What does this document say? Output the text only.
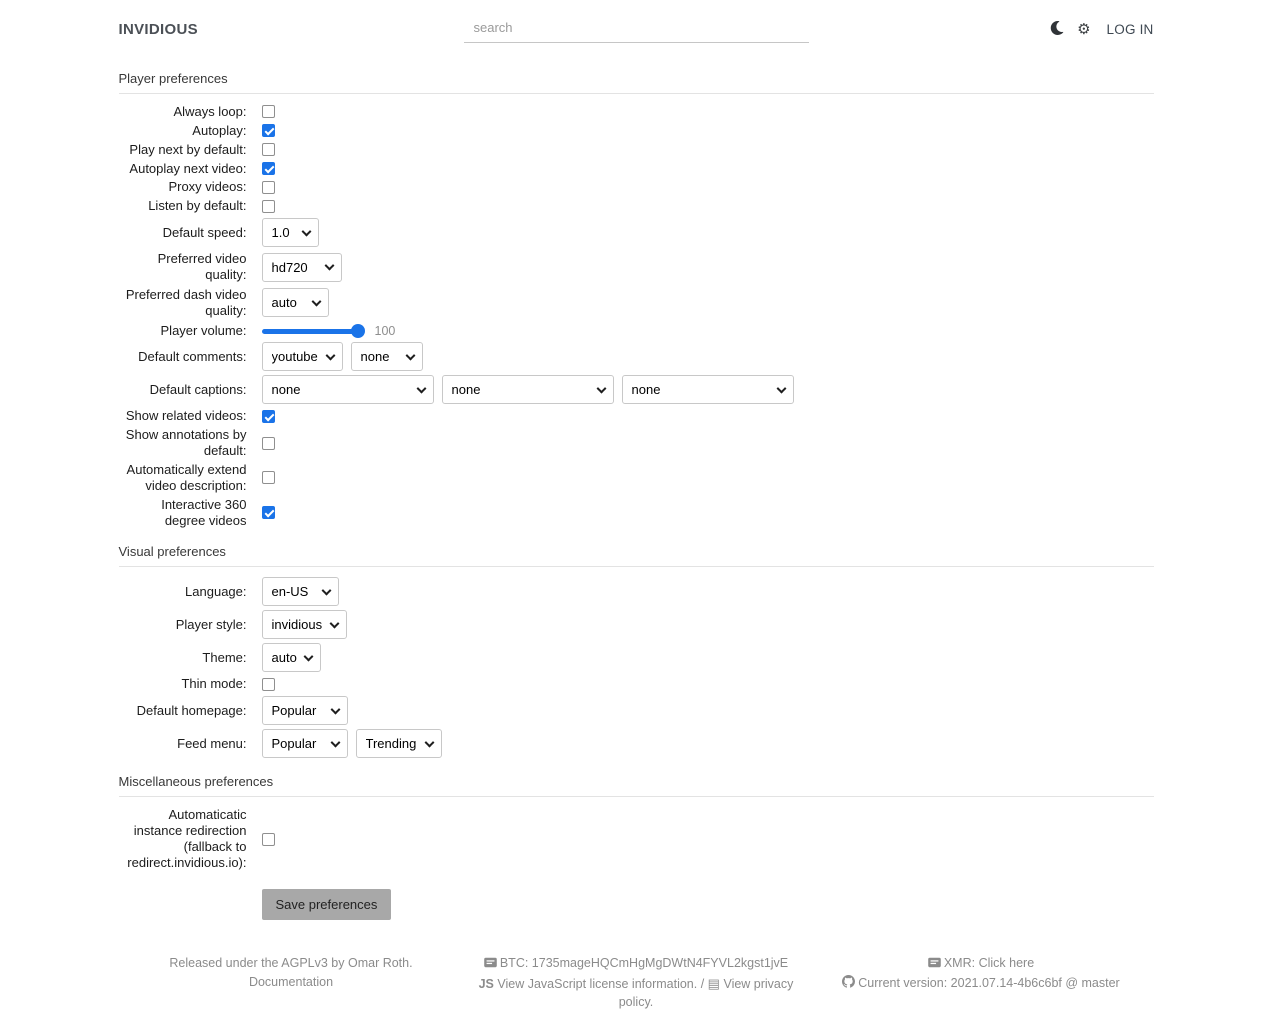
INVIDIOUS
search	⚙ LOG IN
Player preferences
Always loop:
Autoplay:
Play next by default:
Autoplay next video:
Proxy videos:
Listen by default:
Default speed:
1.0
Preferred video quality:
hd720
Preferred dash video quality:
auto
Player volume:	100
Default comments:
youtube
none
Default captions:
none
none
none
Show related videos:
Show annotations by default:
Automatically extend video description:
Interactive 360 degree videos
Visual preferences
Language:
en-US
Player style:
invidious
Theme:
auto
Thin mode:
Default homepage:
Popular
Feed menu:
Popular
Trending
Miscellaneous preferences
Automaticatic instance redirection (fallback to redirect.invidious.io):
Save preferences
Released under the AGPLv3 by Omar Roth.
Documentation
BTC: 1735mageHQCmHgMgDWtN4FYVL2kgst1jvE
JS View JavaScript license information. / ▤ View privacy policy.
XMR: Click here
Current version: 2021.07.14-4b6c6bf @ master
